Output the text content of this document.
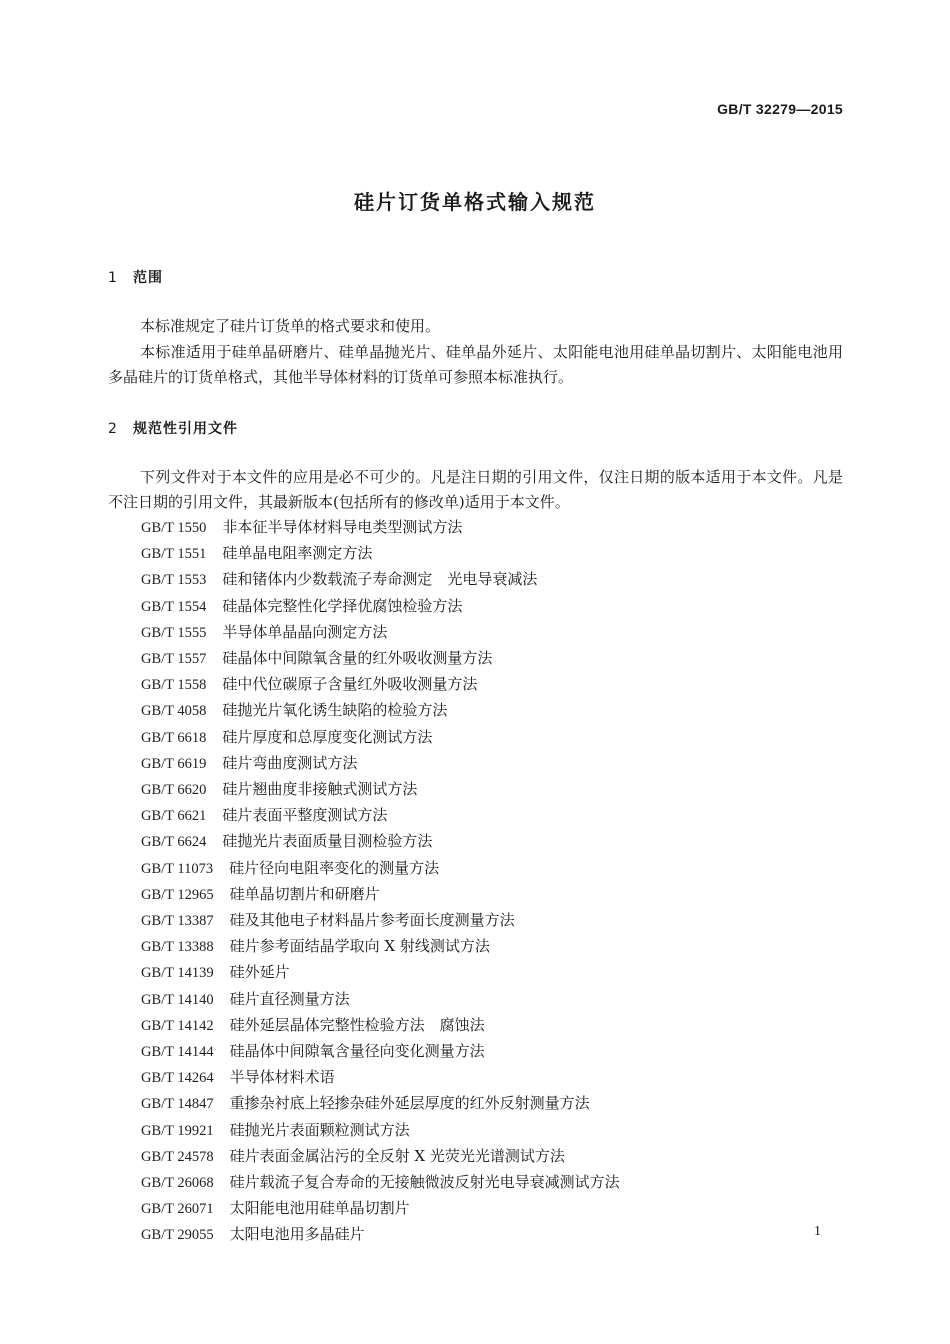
GB/T 32279—2015
硅片订货单格式输入规范
1 范围
本标准规定了硅片订货单的格式要求和使用。
本标准适用于硅单晶研磨片、硅单晶抛光片、硅单晶外延片、太阳能电池用硅单晶切割片、太阳能电池用多晶硅片的订货单格式，其他半导体材料的订货单可参照本标准执行。
2 规范性引用文件
下列文件对于本文件的应用是必不可少的。凡是注日期的引用文件，仅注日期的版本适用于本文件。凡是不注日期的引用文件，其最新版本(包括所有的修改单)适用于本文件。
GB/T 1550 非本征半导体材料导电类型测试方法
GB/T 1551 硅单晶电阻率测定方法
GB/T 1553 硅和锗体内少数载流子寿命测定　光电导衰减法
GB/T 1554 硅晶体完整性化学择优腐蚀检验方法
GB/T 1555 半导体单晶晶向测定方法
GB/T 1557 硅晶体中间隙氧含量的红外吸收测量方法
GB/T 1558 硅中代位碳原子含量红外吸收测量方法
GB/T 4058 硅抛光片氧化诱生缺陷的检验方法
GB/T 6618 硅片厚度和总厚度变化测试方法
GB/T 6619 硅片弯曲度测试方法
GB/T 6620 硅片翘曲度非接触式测试方法
GB/T 6621 硅片表面平整度测试方法
GB/T 6624 硅抛光片表面质量目测检验方法
GB/T 11073 硅片径向电阻率变化的测量方法
GB/T 12965 硅单晶切割片和研磨片
GB/T 13387 硅及其他电子材料晶片参考面长度测量方法
GB/T 13388 硅片参考面结晶学取向 X 射线测试方法
GB/T 14139 硅外延片
GB/T 14140 硅片直径测量方法
GB/T 14142 硅外延层晶体完整性检验方法　腐蚀法
GB/T 14144 硅晶体中间隙氧含量径向变化测量方法
GB/T 14264 半导体材料术语
GB/T 14847 重掺杂衬底上轻掺杂硅外延层厚度的红外反射测量方法
GB/T 19921 硅抛光片表面颗粒测试方法
GB/T 24578 硅片表面金属沾污的全反射 X 光荧光光谱测试方法
GB/T 26068 硅片载流子复合寿命的无接触微波反射光电导衰减测试方法
GB/T 26071 太阳能电池用硅单晶切割片
GB/T 29055 太阳电池用多晶硅片	1
